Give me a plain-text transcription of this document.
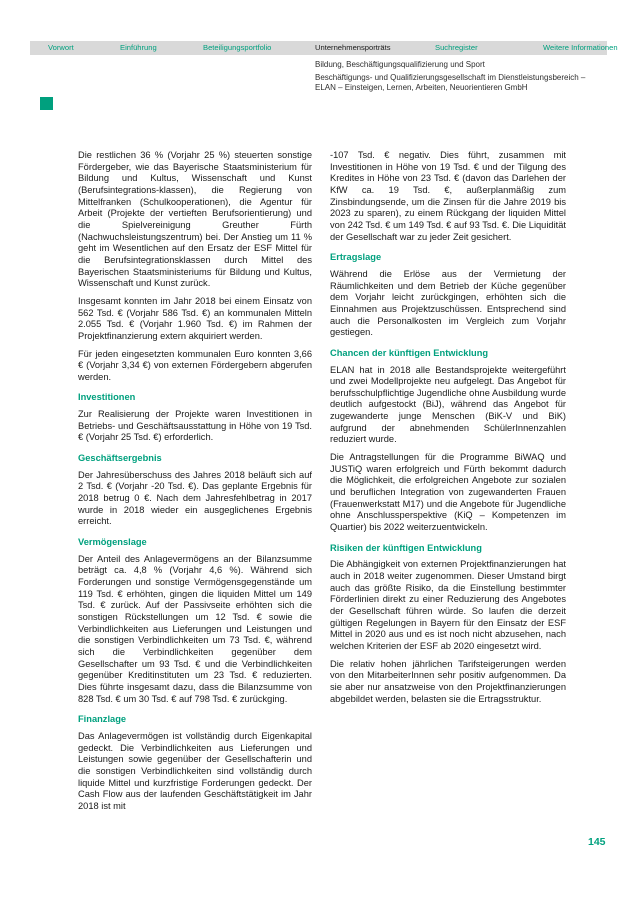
Vorwort	Einführung	Beteiligungsportfolio	Unternehmensporträts	Suchregister	Weitere Informationen
Bildung, Beschäftigungsqualifizierung und Sport
Beschäftigungs- und Qualifizierungsgesellschaft im Dienstleistungsbereich – ELAN – Einsteigen, Lernen, Arbeiten, Neuorientieren GmbH

Die restlichen 36 % (Vorjahr 25 %) steuerten sonstige Fördergeber, wie das Bayerische Staatsministerium für Bildung und Kultus, Wissenschaft und Kunst (Berufsintegrations-klassen), die Regierung von Mittelfranken (Schulkooperationen), die Agentur für Arbeit (Projekte der vertieften Berufsorientierung) und die Spielvereinigung Greuther Fürth (Nachwuchsleistungszentrum) bei. Der Anstieg um 11 % geht im Wesentlichen auf den Ersatz der ESF Mittel für die Berufsintegrationsklassen durch Mittel des Bayerischen Staatsministeriums für Bildung und Kultus, Wissenschaft und Kunst zurück.

Insgesamt konnten im Jahr 2018 bei einem Einsatz von 562 Tsd. € (Vorjahr 586 Tsd. €) an kommunalen Mitteln 2.055 Tsd. € (Vorjahr 1.960 Tsd. €) im Rahmen der Projektfinanzierung extern akquiriert werden.

Für jeden eingesetzten kommunalen Euro konnten 3,66 € (Vorjahr 3,34 €) von externen Fördergebern abgerufen werden.

Investitionen

Zur Realisierung der Projekte waren Investitionen in Betriebs- und Geschäftsausstattung in Höhe von 19 Tsd. € (Vorjahr 25 Tsd. €) erforderlich.

Geschäftsergebnis

Der Jahresüberschuss des Jahres 2018 beläuft sich auf 2 Tsd. € (Vorjahr -20 Tsd. €). Das geplante Ergebnis für 2018 betrug 0 €. Nach dem Jahresfehlbetrag in 2017 wurde in 2018 wieder ein ausgeglichenes Ergebnis erreicht.

Vermögenslage

Der Anteil des Anlagevermögens an der Bilanzsumme beträgt ca. 4,8 % (Vorjahr 4,6 %). Während sich Forderungen und sonstige Vermögensgegenstände um 119 Tsd. € erhöhten, gingen die liquiden Mittel um 149 Tsd. € zurück. Auf der Passivseite erhöhten sich die sonstigen Rückstellungen um 12 Tsd. € sowie die Verbindlichkeiten aus Lieferungen und Leistungen und die sonstigen Verbindlichkeiten um 73 Tsd. €, während sich die Verbindlichkeiten gegenüber dem Gesellschafter um 93 Tsd. € und die Verbindlichkeiten gegenüber Kreditinstituten um 23 Tsd. € reduzierten. Dies führte insgesamt dazu, dass die Bilanzsumme von 828 Tsd. € um 30 Tsd. € auf 798 Tsd. € zurückging.

Finanzlage

Das Anlagevermögen ist vollständig durch Eigenkapital gedeckt. Die Verbindlichkeiten aus Lieferungen und Leistungen sowie gegenüber der Gesellschafterin und die sonstigen Verbindlichkeiten sind vollständig durch liquide Mittel und kurzfristige Forderungen gedeckt. Der Cash Flow aus der laufenden Geschäftstätigkeit im Jahr 2018 ist mit

-107 Tsd. € negativ. Dies führt, zusammen mit Investitionen in Höhe von 19 Tsd. € und der Tilgung des Kredites in Höhe von 23 Tsd. € (davon das Darlehen der KfW ca. 19 Tsd. €, außerplanmäßig zum Zinsbindungsende, um die Zinsen für die Jahre 2019 bis 2023 zu sparen), zu einem Rückgang der liquiden Mittel von 242 Tsd. € um 149 Tsd. € auf 93 Tsd. €. Die Liquidität der Gesellschaft war zu jeder Zeit gesichert.

Ertragslage

Während die Erlöse aus der Vermietung der Räumlichkeiten und dem Betrieb der Küche gegenüber dem Vorjahr leicht zurückgingen, erhöhten sich die Einnahmen aus Projektzuschüssen. Entsprechend sind auch die Personalkosten im Vergleich zum Vorjahr gestiegen.

Chancen der künftigen Entwicklung

ELAN hat in 2018 alle Bestandsprojekte weitergeführt und zwei Modellprojekte neu aufgelegt. Das Angebot für berufsschulpflichtige Jugendliche ohne Ausbildung wurde deutlich aufgestockt (BiJ), während das Angebot für zugewanderte junge Menschen (BiK-V und BiK) aufgrund der abnehmenden SchülerInnenzahlen reduziert wurde.

Die Antragstellungen für die Programme BiWAQ und JUSTiQ waren erfolgreich und Fürth bekommt dadurch die Möglichkeit, die erfolgreichen Angebote zur sozialen und beruflichen Integration von zugewanderten Frauen (Frauenwerkstatt M17) und die Angebote für Jugendliche ohne Anschlussperspektive (KiQ – Kompetenzen im Quartier) bis 2022 weiterzuentwickeln.

Risiken der künftigen Entwicklung

Die Abhängigkeit von externen Projektfinanzierungen hat auch in 2018 weiter zugenommen. Dieser Umstand birgt auch das größte Risiko, da die Einstellung bestimmter Förderlinien direkt zu einer Reduzierung des Angebotes der Gesellschaft führen würde. So laufen die derzeit gültigen Regelungen in Bayern für den Einsatz der ESF Mittel in 2020 aus und es ist noch nicht abzusehen, nach welchen Kriterien der ESF ab 2020 eingesetzt wird.

Die relativ hohen jährlichen Tarifsteigerungen werden von den MitarbeiterInnen sehr positiv aufgenommen. Da sie aber nur ansatzweise von den Projektfinanzierungen abgebildet werden, belasten sie die Ertragsstruktur.

145
